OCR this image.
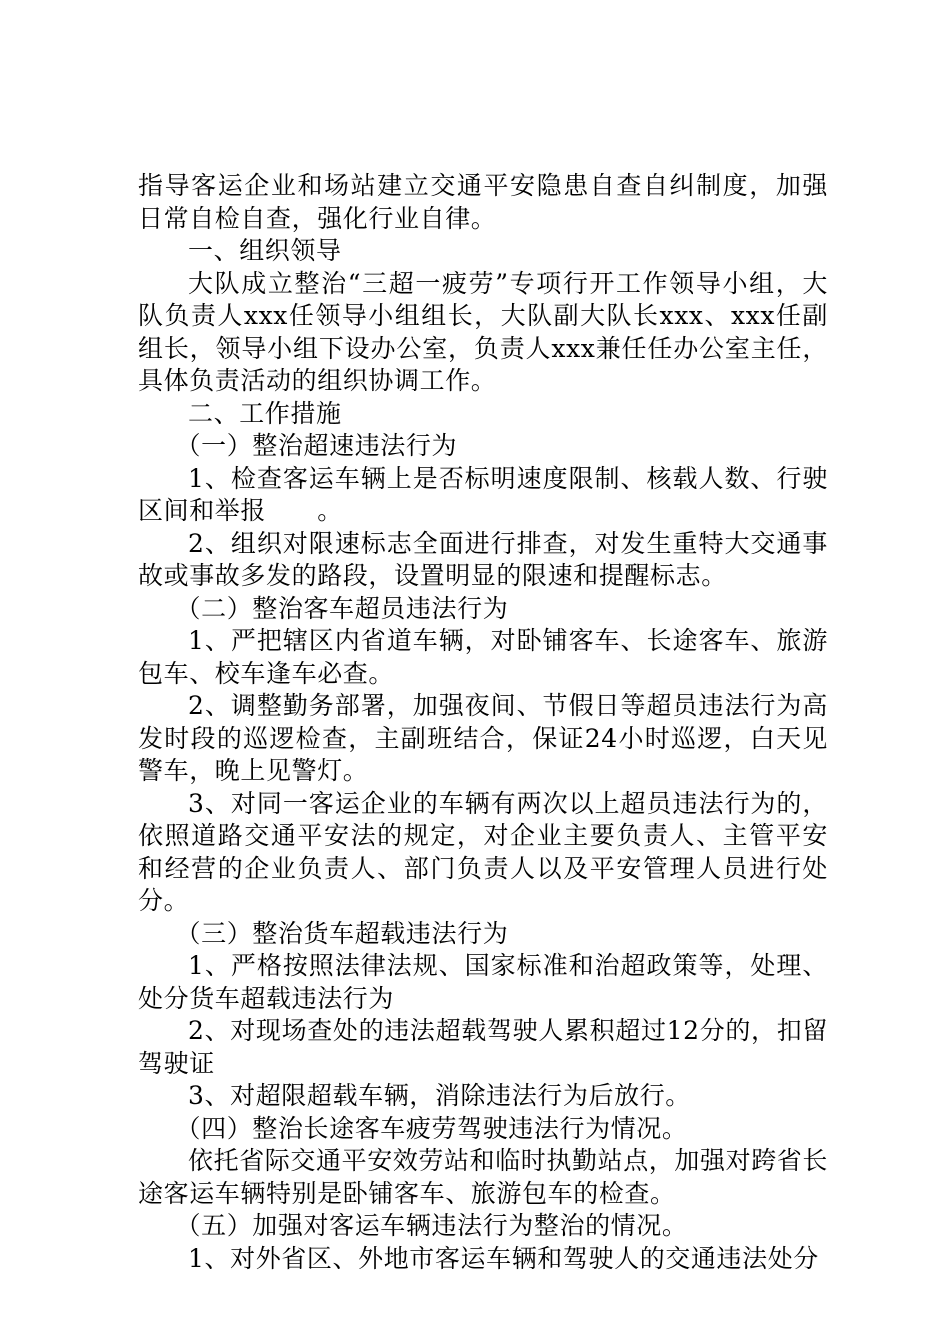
指导客运企业和场站建立交通平安隐患自查自纠制度，加强日常自检自查，强化行业自律。

一、组织领导

大队成立整治“三超一疲劳”专项行开工作领导小组，大队负责人xxx任领导小组组长，大队副大队长xxx、xxx任副组长，领导小组下设办公室，负责人xxx兼任任办公室主任，具体负责活动的组织协调工作。

二、工作措施

（一）整治超速违法行为

1、检查客运车辆上是否标明速度限制、核载人数、行驶区间和举报　　。

2、组织对限速标志全面进行排查，对发生重特大交通事故或事故多发的路段，设置明显的限速和提醒标志。

（二）整治客车超员违法行为

1、严把辖区内省道车辆，对卧铺客车、长途客车、旅游包车、校车逢车必查。

2、调整勤务部署，加强夜间、节假日等超员违法行为高发时段的巡逻检查，主副班结合，保证24小时巡逻，白天见警车，晚上见警灯。

3、对同一客运企业的车辆有两次以上超员违法行为的，依照道路交通平安法的规定，对企业主要负责人、主管平安和经营的企业负责人、部门负责人以及平安管理人员进行处分。

（三）整治货车超载违法行为

1、严格按照法律法规、国家标准和治超政策等，处理、处分货车超载违法行为

2、对现场查处的违法超载驾驶人累积超过12分的，扣留驾驶证

3、对超限超载车辆，消除违法行为后放行。

（四）整治长途客车疲劳驾驶违法行为情况。

依托省际交通平安效劳站和临时执勤站点，加强对跨省长途客运车辆特别是卧铺客车、旅游包车的检查。

（五）加强对客运车辆违法行为整治的情况。

1、对外省区、外地市客运车辆和驾驶人的交通违法处分
